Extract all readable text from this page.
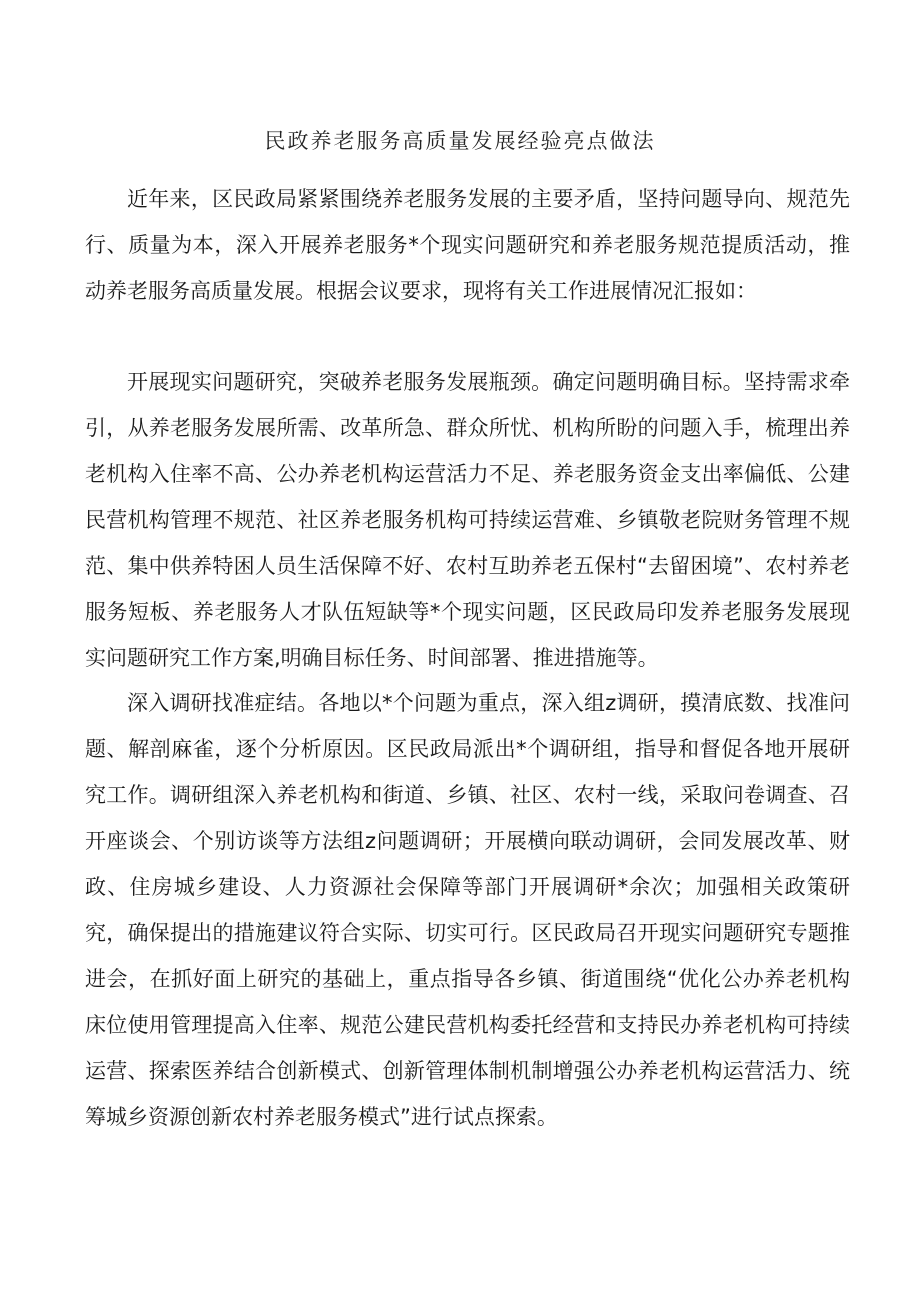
民政养老服务高质量发展经验亮点做法

近年来，区民政局紧紧围绕养老服务发展的主要矛盾，坚持问题导向、规范先行、质量为本，深入开展养老服务*个现实问题研究和养老服务规范提质活动，推动养老服务高质量发展。根据会议要求，现将有关工作进展情况汇报如：

开展现实问题研究，突破养老服务发展瓶颈。确定问题明确目标。坚持需求牵引，从养老服务发展所需、改革所急、群众所忧、机构所盼的问题入手，梳理出养老机构入住率不高、公办养老机构运营活力不足、养老服务资金支出率偏低、公建民营机构管理不规范、社区养老服务机构可持续运营难、乡镇敬老院财务管理不规范、集中供养特困人员生活保障不好、农村互助养老五保村“去留困境”、农村养老服务短板、养老服务人才队伍短缺等*个现实问题，区民政局印发养老服务发展现实问题研究工作方案,明确目标任务、时间部署、推进措施等。

深入调研找准症结。各地以*个问题为重点，深入组z调研，摸清底数、找准问题、解剖麻雀，逐个分析原因。区民政局派出*个调研组，指导和督促各地开展研究工作。调研组深入养老机构和街道、乡镇、社区、农村一线，采取问卷调查、召开座谈会、个别访谈等方法组z问题调研；开展横向联动调研，会同发展改革、财政、住房城乡建设、人力资源社会保障等部门开展调研*余次；加强相关政策研究，确保提出的措施建议符合实际、切实可行。区民政局召开现实问题研究专题推进会，在抓好面上研究的基础上，重点指导各乡镇、街道围绕“优化公办养老机构床位使用管理提高入住率、规范公建民营机构委托经营和支持民办养老机构可持续运营、探索医养结合创新模式、创新管理体制机制增强公办养老机构运营活力、统筹城乡资源创新农村养老服务模式”进行试点探索。
